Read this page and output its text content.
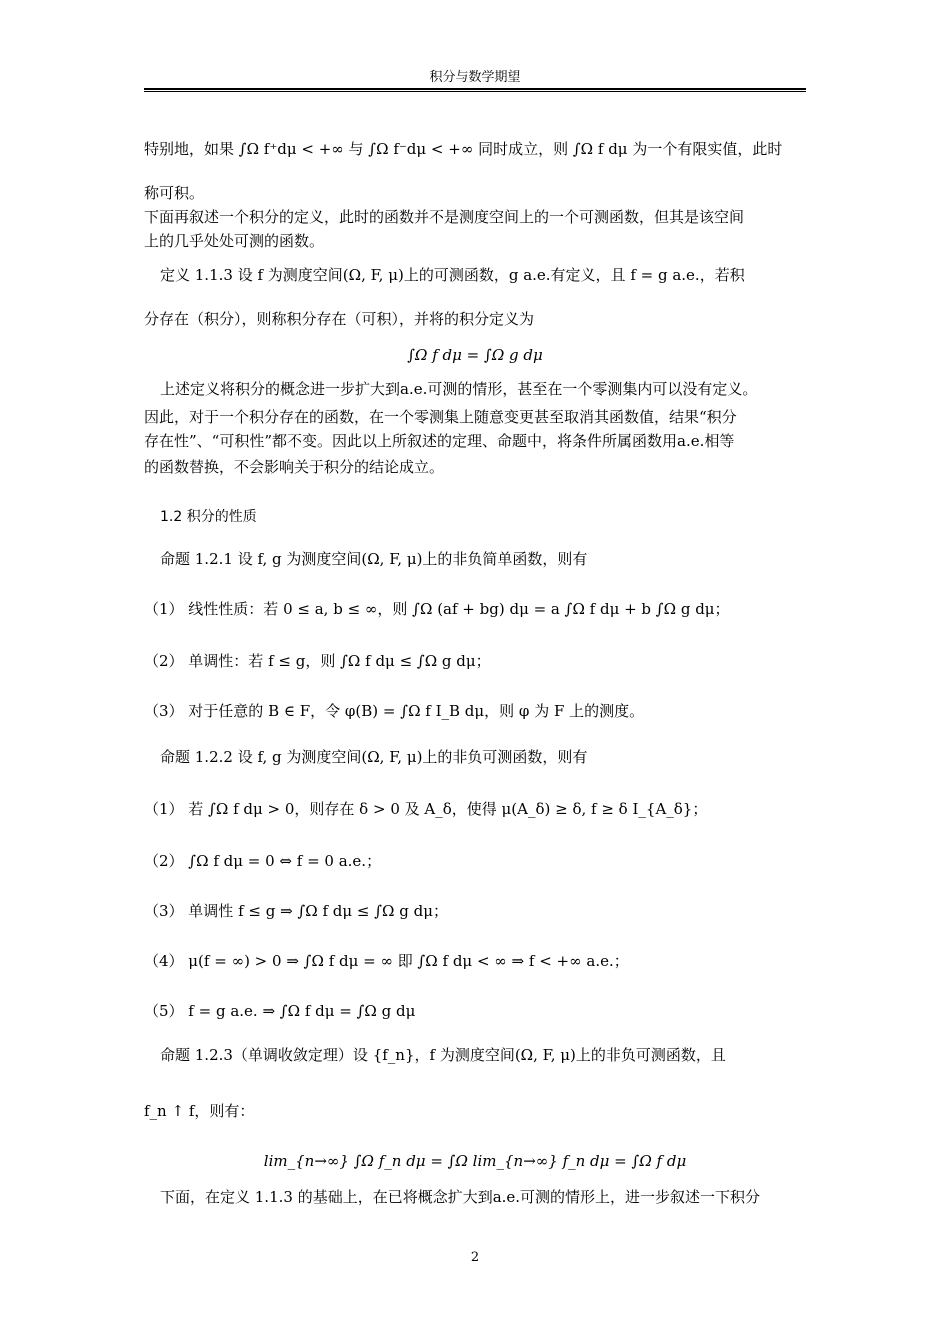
积分与数学期望
特别地，如果 ∫Ω f⁺dμ < +∞ 与 ∫Ω f⁻dμ < +∞ 同时成立，则 ∫Ω f dμ 为一个有限实值，此时
称可积。
下面再叙述一个积分的定义，此时的函数并不是测度空间上的一个可测函数，但其是该空间
上的几乎处处可测的函数。
定义 1.1.3 设 f 为测度空间(Ω, F, μ)上的可测函数，g a.e.有定义，且 f = g a.e.，若积
分存在（积分），则称积分存在（可积），并将的积分定义为
∫Ω f dμ = ∫Ω g dμ
上述定义将积分的概念进一步扩大到a.e.可测的情形，甚至在一个零测集内可以没有定义。
因此，对于一个积分存在的函数，在一个零测集上随意变更甚至取消其函数值，结果“积分
存在性”、“可积性”都不变。因此以上所叙述的定理、命题中，将条件所属函数用a.e.相等
的函数替换，不会影响关于积分的结论成立。
1.2 积分的性质
命题 1.2.1 设 f, g 为测度空间(Ω, F, μ)上的非负简单函数，则有
（1） 线性性质：若 0 ≤ a, b ≤ ∞，则 ∫Ω (af + bg) dμ = a ∫Ω f dμ + b ∫Ω g dμ；
（2） 单调性：若 f ≤ g，则 ∫Ω f dμ ≤ ∫Ω g dμ；
（3） 对于任意的 B ∈ F，令 φ(B) = ∫Ω f I_B dμ，则 φ 为 F 上的测度。
命题 1.2.2 设 f, g 为测度空间(Ω, F, μ)上的非负可测函数，则有
（1） 若 ∫Ω f dμ > 0，则存在 δ > 0 及 A_δ，使得 μ(A_δ) ≥ δ, f ≥ δ I_{A_δ}；
（2） ∫Ω f dμ = 0 ⇔ f = 0 a.e.；
（3） 单调性 f ≤ g ⇒ ∫Ω f dμ ≤ ∫Ω g dμ；
（4） μ(f = ∞) > 0 ⇒ ∫Ω f dμ = ∞ 即 ∫Ω f dμ < ∞ ⇒ f < +∞ a.e.；
（5） f = g a.e. ⇒ ∫Ω f dμ = ∫Ω g dμ
命题 1.2.3（单调收敛定理）设 {f_n}，f 为测度空间(Ω, F, μ)上的非负可测函数，且
f_n ↑ f，则有：
lim_{n→∞} ∫Ω f_n dμ = ∫Ω lim_{n→∞} f_n dμ = ∫Ω f dμ
下面，在定义 1.1.3 的基础上，在已将概念扩大到a.e.可测的情形上，进一步叙述一下积分
2
